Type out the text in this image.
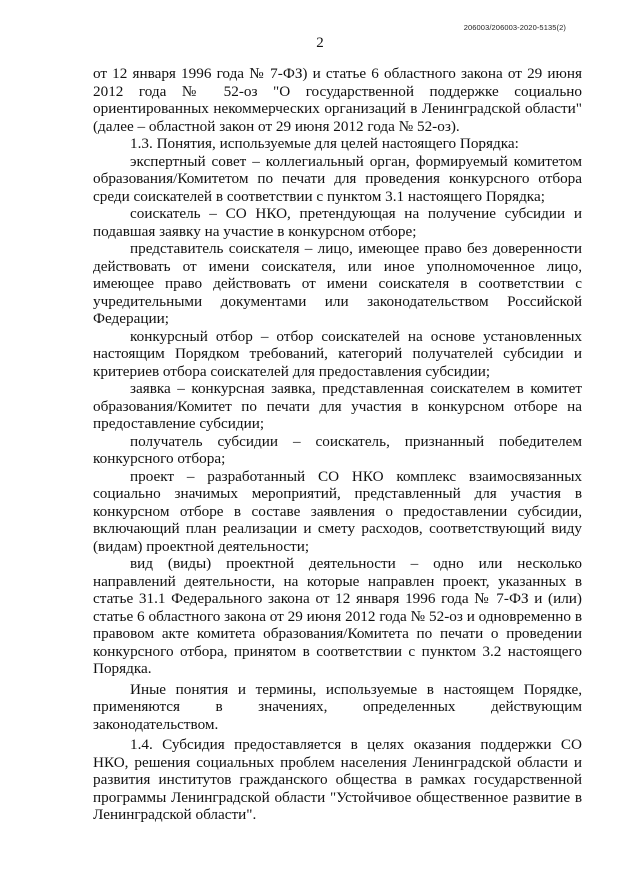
206003/206003-2020-5135(2)
2

от 12 января 1996 года № 7-ФЗ) и статье 6 областного закона от 29 июня 2012 года № 52-оз "О государственной поддержке социально ориентированных некоммерческих организаций в Ленинградской области" (далее – областной закон от 29 июня 2012 года № 52-оз).

1.3. Понятия, используемые для целей настоящего Порядка:

экспертный совет – коллегиальный орган, формируемый комитетом образования/Комитетом по печати для проведения конкурсного отбора среди соискателей в соответствии с пунктом 3.1 настоящего Порядка;

соискатель – СО НКО, претендующая на получение субсидии и подавшая заявку на участие в конкурсном отборе;

представитель соискателя – лицо, имеющее право без доверенности действовать от имени соискателя, или иное уполномоченное лицо, имеющее право действовать от имени соискателя в соответствии с учредительными документами или законодательством Российской Федерации;

конкурсный отбор – отбор соискателей на основе установленных настоящим Порядком требований, категорий получателей субсидии и критериев отбора соискателей для предоставления субсидии;

заявка – конкурсная заявка, представленная соискателем в комитет образования/Комитет по печати для участия в конкурсном отборе на предоставление субсидии;

получатель субсидии – соискатель, признанный победителем конкурсного отбора;

проект – разработанный СО НКО комплекс взаимосвязанных социально значимых мероприятий, представленный для участия в конкурсном отборе в составе заявления о предоставлении субсидии, включающий план реализации и смету расходов, соответствующий виду (видам) проектной деятельности;

вид (виды) проектной деятельности – одно или несколько направлений деятельности, на которые направлен проект, указанных в статье 31.1 Федерального закона от 12 января 1996 года № 7-ФЗ и (или) статье 6 областного закона от 29 июня 2012 года № 52-оз и одновременно в правовом акте комитета образования/Комитета по печати о проведении конкурсного отбора, принятом в соответствии с пунктом 3.2 настоящего Порядка.

Иные понятия и термины, используемые в настоящем Порядке, применяются в значениях, определенных действующим законодательством.

1.4. Субсидия предоставляется в целях оказания поддержки СО НКО, решения социальных проблем населения Ленинградской области и развития институтов гражданского общества в рамках государственной программы Ленинградской области "Устойчивое общественное развитие в Ленинградской области".
